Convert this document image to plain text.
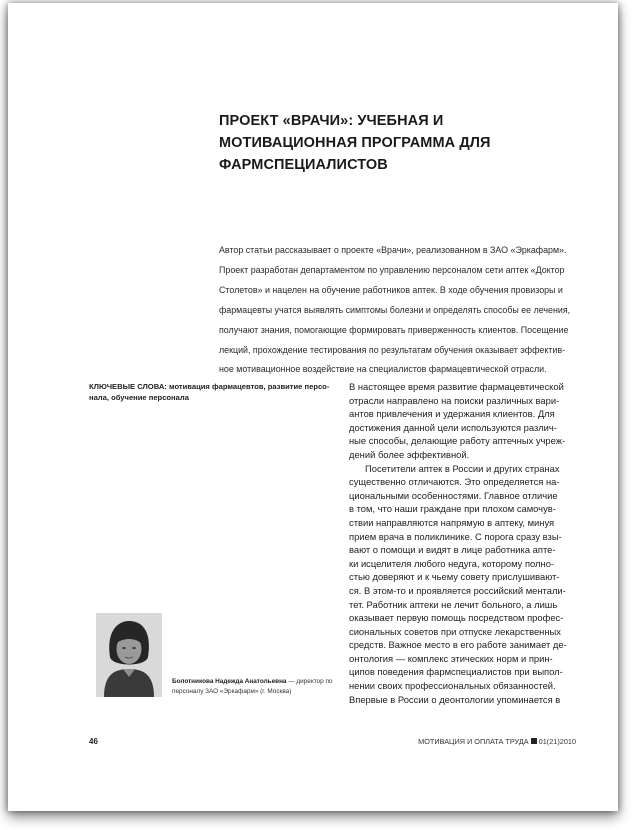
ПРОЕКТ «ВРАЧИ»: УЧЕБНАЯ И
МОТИВАЦИОННАЯ ПРОГРАММА ДЛЯ
ФАРМСПЕЦИАЛИСТОВ
Автор статьи рассказывает о проекте «Врачи», реализованном в ЗАО «Эркафарм».
Проект разработан департаментом по управлению персоналом сети аптек «Доктор
Столетов» и нацелен на обучение работников аптек. В ходе обучения провизоры и
фармацевты учатся выявлять симптомы болезни и определять способы ее лечения,
получают знания, помогающие формировать приверженность клиентов. Посещение
лекций, прохождение тестирования по результатам обучения оказывает эффектив-
ное мотивационное воздействие на специалистов фармацевтической отрасли.
КЛЮЧЕВЫЕ СЛОВА: мотивация фармацевтов, развитие персо-
нала, обучение персонала
В настоящее время развитие фармацевтической
отрасли направлено на поиски различных вари-
антов привлечения и удержания клиентов. Для
достижения данной цели используются различ-
ные способы, делающие работу аптечных учреж-
дений более эффективной.
Посетители аптек в России и других странах
существенно отличаются. Это определяется на-
циональными особенностями. Главное отличие
в том, что наши граждане при плохом самочув-
ствии направляются напрямую в аптеку, минуя
прием врача в поликлинике. С порога сразу взы-
вают о помощи и видят в лице работника апте-
ки исцелителя любого недуга, которому полно-
стью доверяют и к чьему совету прислушивают-
ся. В этом-то и проявляется российский ментали-
тет. Работник аптеки не лечит больного, а лишь
оказывает первую помощь посредством профес-
сиональных советов при отпуске лекарственных
средств. Важное место в его работе занимает де-
онтология — комплекс этических норм и прин-
ципов поведения фармспециалистов при выпол-
нении своих профессиональных обязанностей.
Впервые в России о деонтологии упоминается в
Болотникова Надежда Анатольевна — директор по
персоналу ЗАО «Эркафарм» (г. Москва)
46	МОТИВАЦИЯ И ОПЛАТА ТРУДА 01(21)2010
